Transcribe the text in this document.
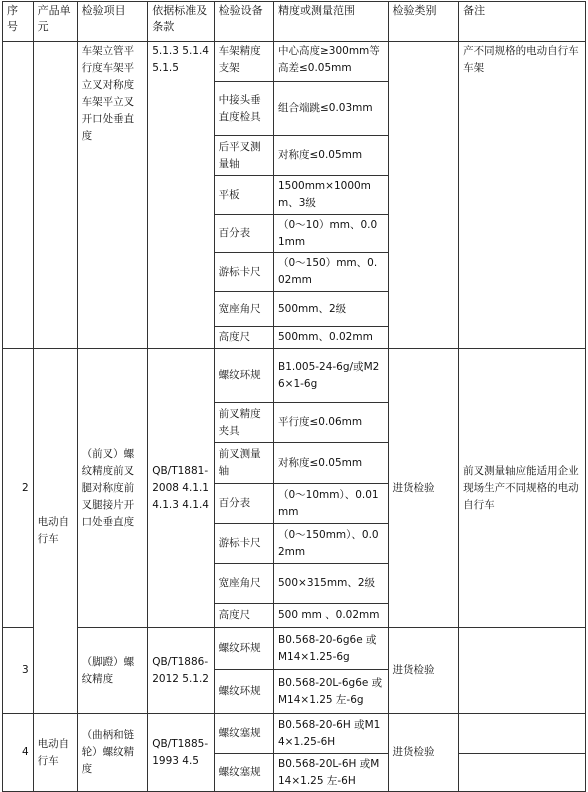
序号	产品单元	检验项目	依据标准及条款	检验设备	精度或测量范围	检验类别	备注
		车架立管平行度车架平立叉对称度车架平立叉开口处垂直度	5.1.3 5.1.4 5.1.5	车架精度支架	中心高度≥300mm等高差≤0.05mm		产不同规格的电动自行车车架
				中接头垂直度检具	组合端跳≤0.03mm		
				后平叉测量轴	对称度≤0.05mm		
				平板	1500mm×1000mm、3级		
				百分表	（0～10）mm、0.01mm		
				游标卡尺	（0～150）mm、0.02mm		
				宽座角尺	500mm、2级		
				高度尺	500mm、0.02mm		
2	电动自行车	（前叉）螺纹精度前叉腿对称度前叉腿接片开口处垂直度	QB/T1881-2008 4.1.1 4.1.3 4.1.4	螺纹环规	B1.005-24-6g/或M26×1-6g	进货检验	前叉测量轴应能适用企业现场生产不同规格的电动自行车
				前叉精度夹具	平行度≤0.06mm		
				前叉测量轴	对称度≤0.05mm		
				百分表	（0～10mm）、0.01mm		
				游标卡尺	（0～150mm）、0.02mm		
				宽座角尺	500×315mm、2级		
				高度尺	500 mm 、0.02mm		
3		（脚蹬）螺纹精度	QB/T1886-2012 5.1.2	螺纹环规	B0.568-20-6g6e 或M14×1.25-6g	进货检验	
				螺纹环规	B0.568-20L-6g6e 或M14×1.25 左-6g		
4	电动自行车	（曲柄和链轮）螺纹精度	QB/T1885-1993 4.5	螺纹塞规	B0.568-20-6H 或M14×1.25-6H	进货检验	
				螺纹塞规	B0.568-20L-6H 或M14×1.25 左-6H		
